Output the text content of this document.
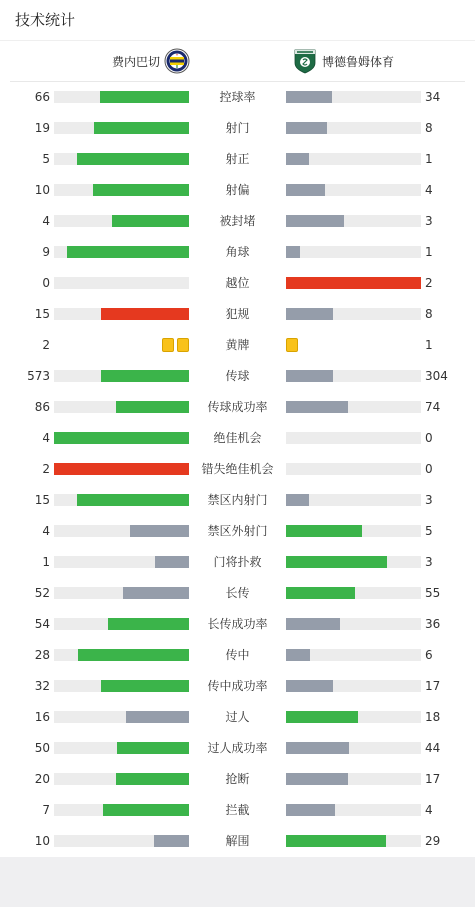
技术统计
费内巴切	博德鲁姆体育
66	控球率	34
19	射门	8
5	射正	1
10	射偏	4
4	被封堵	3
9	角球	1
0	越位	2
15	犯规	8
2	黄牌	1
573	传球	304
86	传球成功率	74
4	绝佳机会	0
2	错失绝佳机会	0
15	禁区内射门	3
4	禁区外射门	5
1	门将扑救	3
52	长传	55
54	长传成功率	36
28	传中	6
32	传中成功率	17
16	过人	18
50	过人成功率	44
20	抢断	17
7	拦截	4
10	解围	29
